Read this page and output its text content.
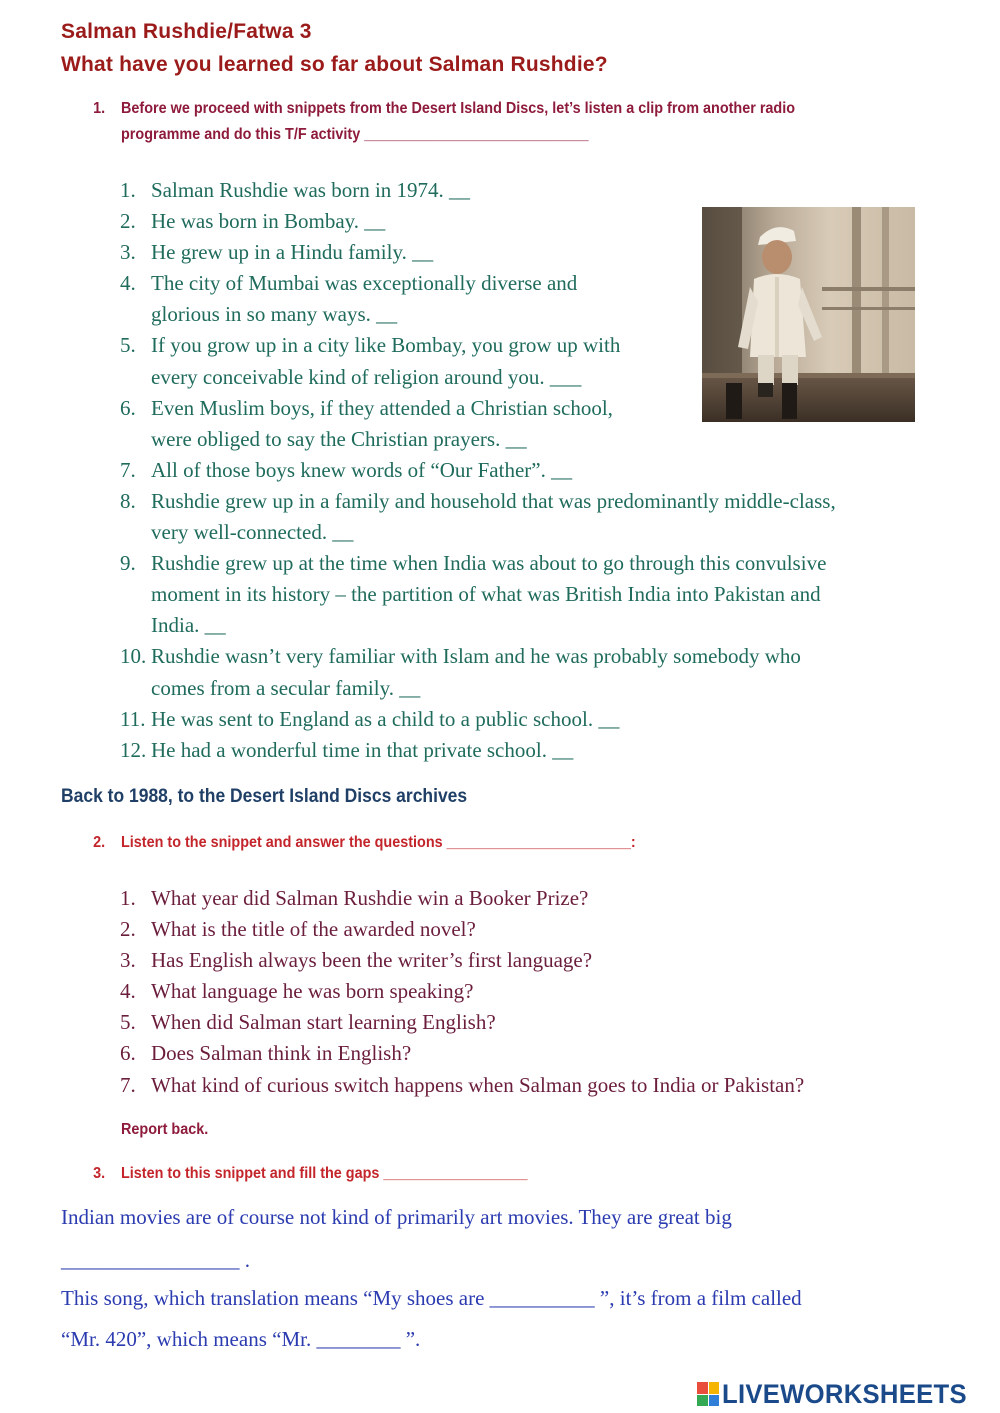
Salman Rushdie/Fatwa 3
What have you learned so far about Salman Rushdie?
1. Before we proceed with snippets from the Desert Island Discs, let’s listen a clip from another radio
programme and do this T/F activity ____________________________
1. Salman Rushdie was born in 1974. __
2. He was born in Bombay. __
3. He grew up in a Hindu family. __
4. The city of Mumbai was exceptionally diverse and
glorious in so many ways. __
5. If you grow up in a city like Bombay, you grow up with
every conceivable kind of religion around you. ___
6. Even Muslim boys, if they attended a Christian school,
were obliged to say the Christian prayers. __
7. All of those boys knew words of “Our Father”. __
8. Rushdie grew up in a family and household that was predominantly middle-class,
very well-connected. __
9. Rushdie grew up at the time when India was about to go through this convulsive
moment in its history – the partition of what was British India into Pakistan and
India. __
10. Rushdie wasn’t very familiar with Islam and he was probably somebody who
comes from a secular family. __
11. He was sent to England as a child to a public school. __
12. He had a wonderful time in that private school. __
Back to 1988, to the Desert Island Discs archives
2. Listen to the snippet and answer the questions _______________________:
1. What year did Salman Rushdie win a Booker Prize?
2. What is the title of the awarded novel?
3. Has English always been the writer’s first language?
4. What language he was born speaking?
5. When did Salman start learning English?
6. Does Salman think in English?
7. What kind of curious switch happens when Salman goes to India or Pakistan?
Report back.
3. Listen to this snippet and fill the gaps __________________
Indian movies are of course not kind of primarily art movies. They are great big
_________________ .
This song, which translation means “My shoes are __________ ”, it’s from a film called
“Mr. 420”, which means “Mr. ________ ”.
LIVEWORKSHEETS
